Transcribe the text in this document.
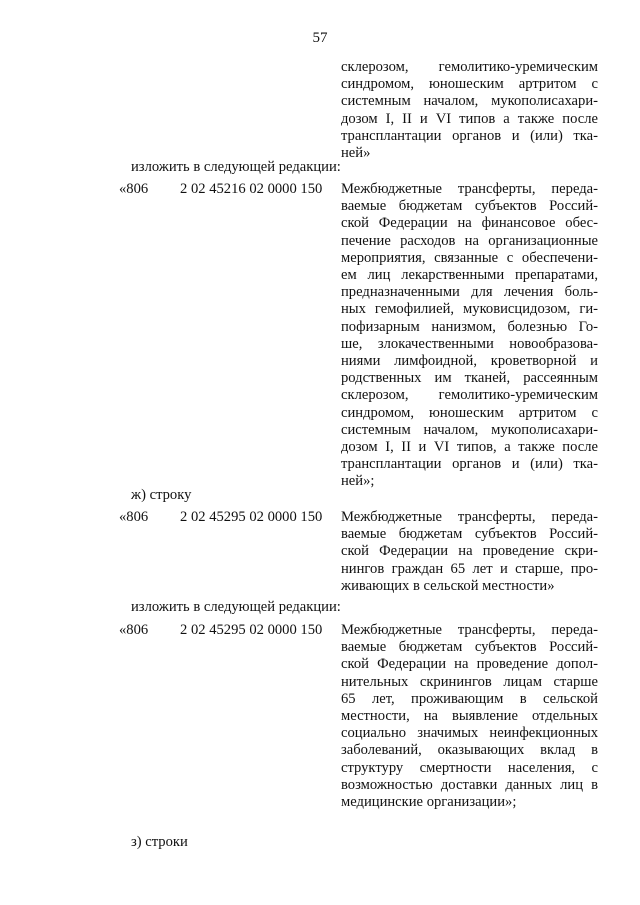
57
склерозом, гемолитико-уремическим
синдромом, юношеским артритом с
системным началом, мукополисахари-
дозом I, II и VI типов а также после
трансплантации органов и (или) тка-
ней»
изложить в следующей редакции:
«806 2 02 45216 02 0000 150 Межбюджетные трансферты, переда-
ваемые бюджетам субъектов Россий-
ской Федерации на финансовое обес-
печение расходов на организационные
мероприятия, связанные с обеспечени-
ем лиц лекарственными препаратами,
предназначенными для лечения боль-
ных гемофилией, муковисцидозом, ги-
пофизарным нанизмом, болезнью Го-
ше, злокачественными новообразова-
ниями лимфоидной, кроветворной и
родственных им тканей, рассеянным
склерозом, гемолитико-уремическим
синдромом, юношеским артритом с
системным началом, мукополисахари-
дозом I, II и VI типов, а также после
трансплантации органов и (или) тка-
ней»;
ж) строку
«806 2 02 45295 02 0000 150 Межбюджетные трансферты, переда-
ваемые бюджетам субъектов Россий-
ской Федерации на проведение скри-
нингов граждан 65 лет и старше, про-
живающих в сельской местности»
изложить в следующей редакции:
«806 2 02 45295 02 0000 150 Межбюджетные трансферты, переда-
ваемые бюджетам субъектов Россий-
ской Федерации на проведение допол-
нительных скринингов лицам старше
65 лет, проживающим в сельской
местности, на выявление отдельных
социально значимых неинфекционных
заболеваний, оказывающих вклад в
структуру смертности населения, с
возможностью доставки данных лиц в
медицинские организации»;
з) строки
